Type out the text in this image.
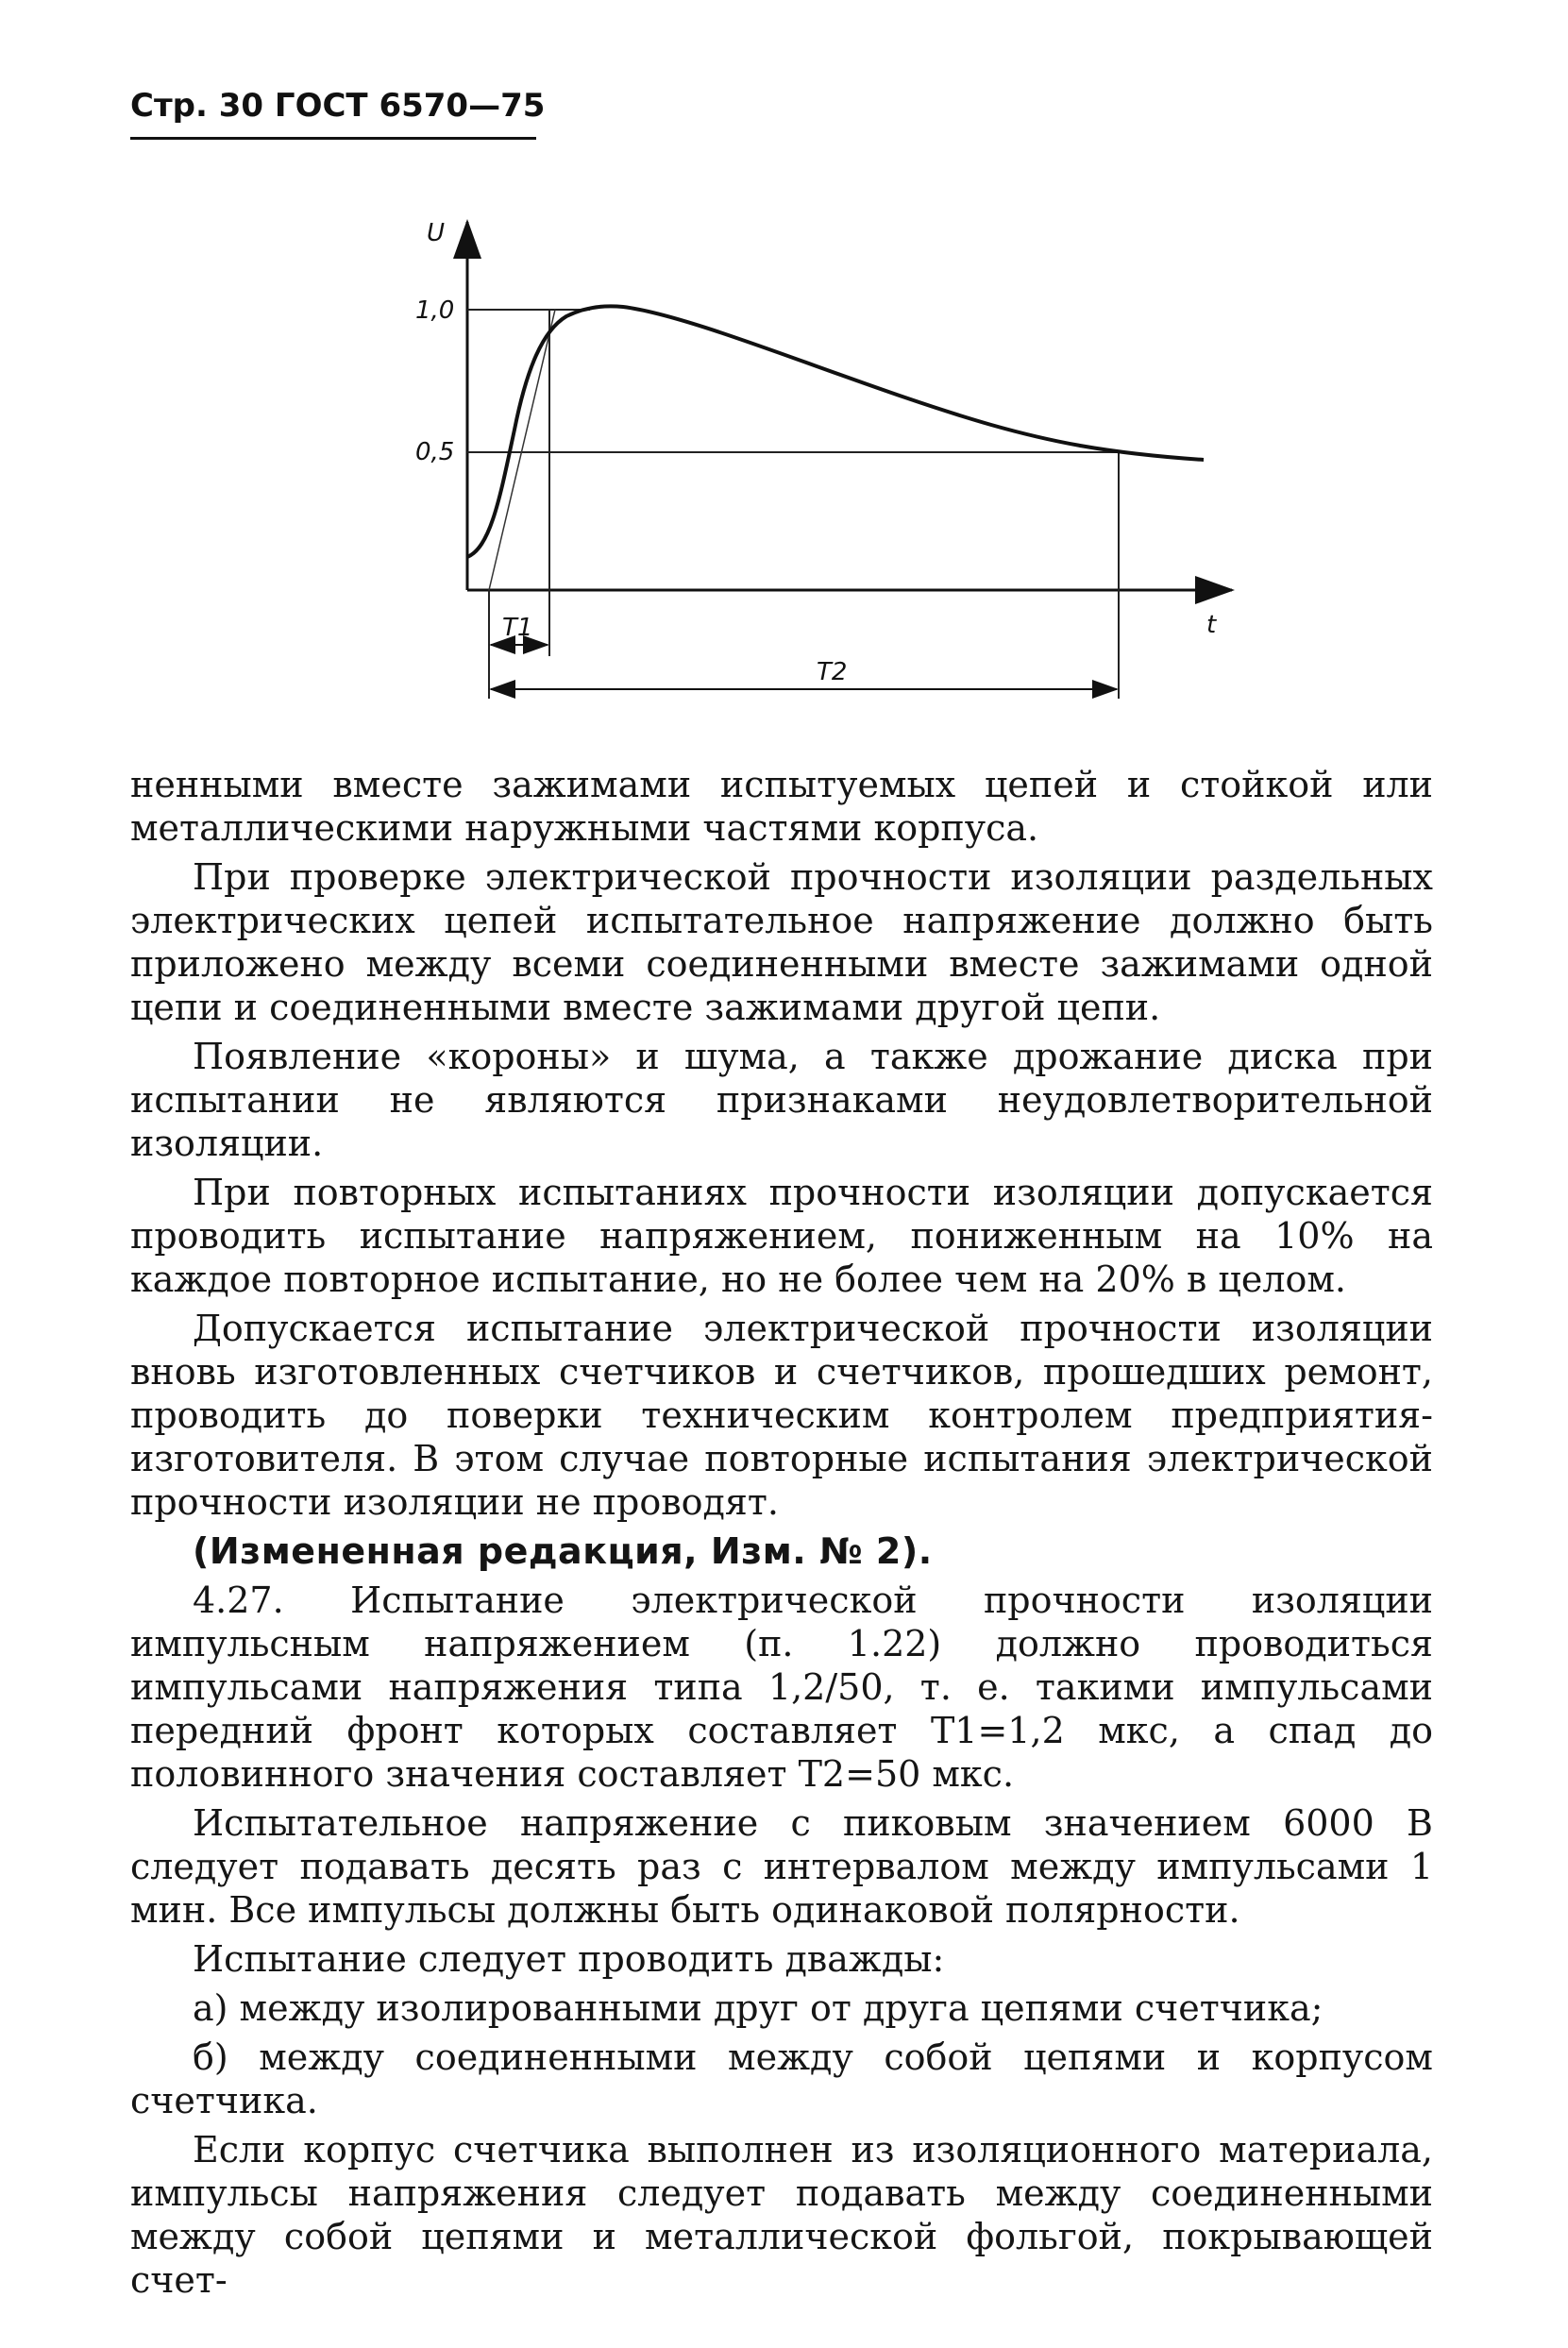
Стр. 30 ГОСТ 6570—75
U
1,0
0,5
t
T1
T2

ненными вместе зажимами испытуемых цепей и стойкой или металлическими наружными частями корпуса.

При проверке электрической прочности изоляции раздельных электрических цепей испытательное напряжение должно быть приложено между всеми соединенными вместе зажимами одной цепи и соединенными вместе зажимами другой цепи.

Появление «короны» и шума, а также дрожание диска при испытании не являются признаками неудовлетворительной изоляции.

При повторных испытаниях прочности изоляции допускается проводить испытание напряжением, пониженным на 10% на каждое повторное испытание, но не более чем на 20% в целом.

Допускается испытание электрической прочности изоляции вновь изготовленных счетчиков и счетчиков, прошедших ремонт, проводить до поверки техническим контролем предприятия-изготовителя. В этом случае повторные испытания электрической прочности изоляции не проводят.

(Измененная редакция, Изм. № 2).

4.27. Испытание электрической прочности изоляции импульсным напряжением (п. 1.22) должно проводиться импульсами напряжения типа 1,2/50, т. е. такими импульсами передний фронт которых составляет T1=1,2 мкс, а спад до половинного значения составляет T2=50 мкс.

Испытательное напряжение с пиковым значением 6000 В следует подавать десять раз с интервалом между импульсами 1 мин. Все импульсы должны быть одинаковой полярности.

Испытание следует проводить дважды:

а) между изолированными друг от друга цепями счетчика;

б) между соединенными между собой цепями и корпусом счетчика.

Если корпус счетчика выполнен из изоляционного материала, импульсы напряжения следует подавать между соединенными между собой цепями и металлической фольгой, покрывающей счет-
